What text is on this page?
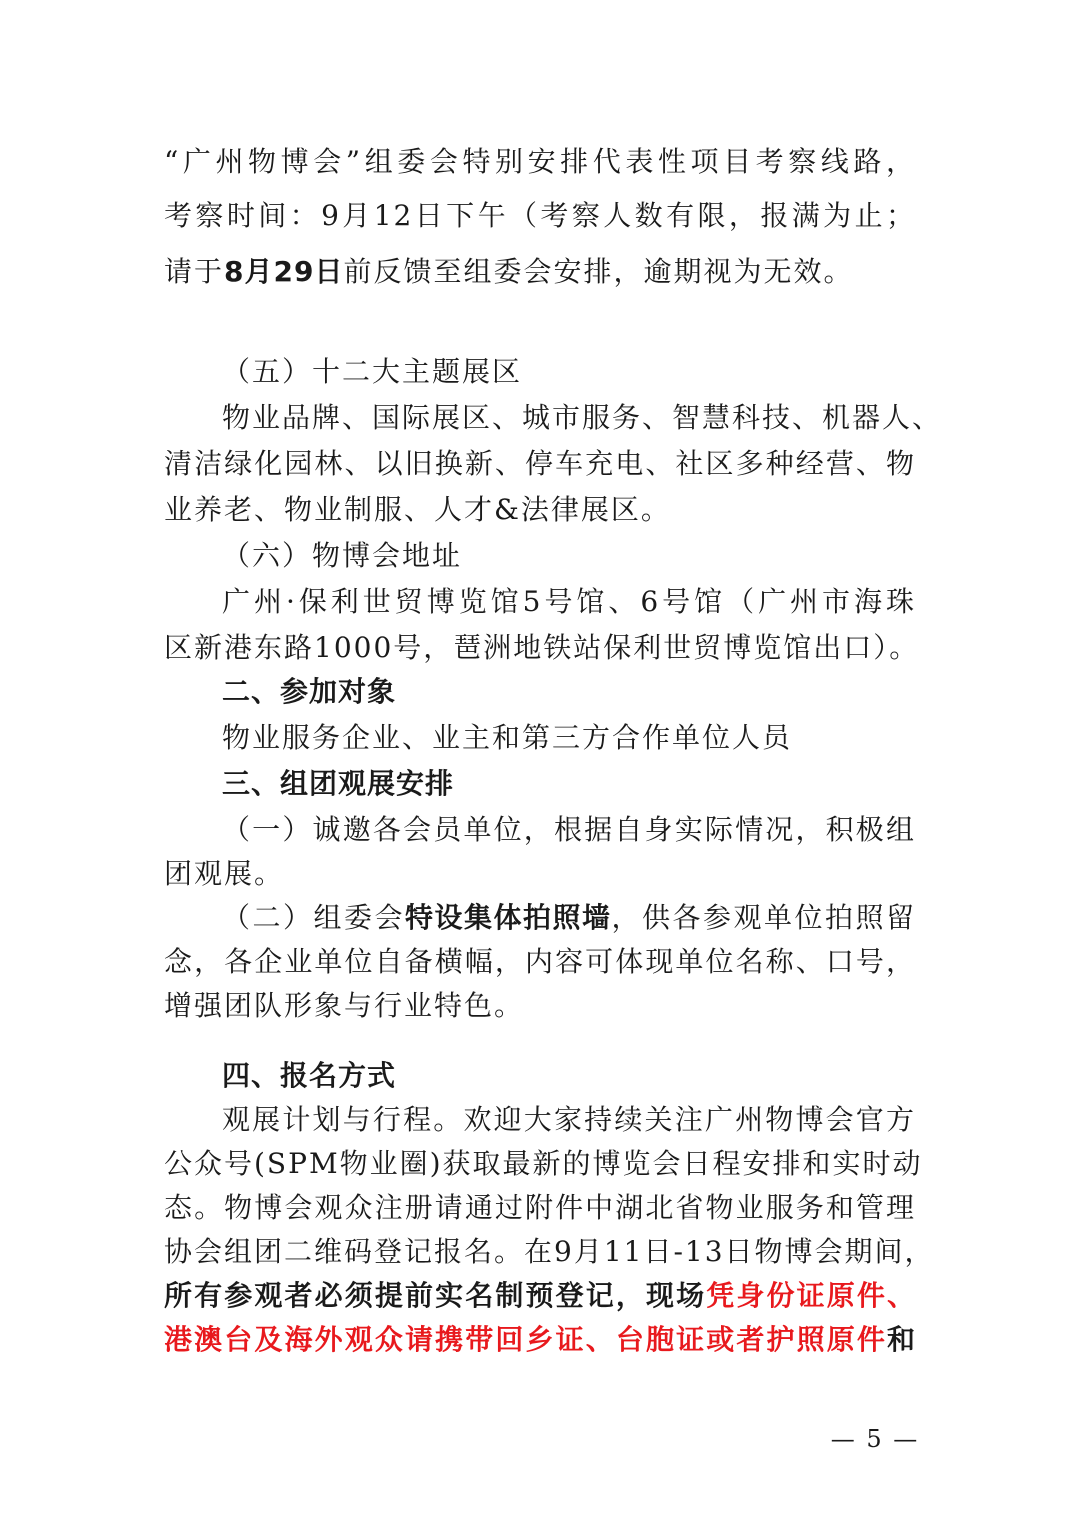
“广州物博会”组委会特别安排代表性项目考察线路，
考察时间：9月12日下午（考察人数有限，报满为止；
请于8月29日前反馈至组委会安排，逾期视为无效。
（五）十二大主题展区
物业品牌、国际展区、城市服务、智慧科技、机器人、
清洁绿化园林、以旧换新、停车充电、社区多种经营、物
业养老、物业制服、人才&法律展区。
（六）物博会地址
广州·保利世贸博览馆5号馆、6号馆（广州市海珠
区新港东路1000号，琶洲地铁站保利世贸博览馆出口）。
二、参加对象
物业服务企业、业主和第三方合作单位人员
三、组团观展安排
（一）诚邀各会员单位，根据自身实际情况，积极组
团观展。
（二）组委会特设集体拍照墙，供各参观单位拍照留
念，各企业单位自备横幅，内容可体现单位名称、口号，
增强团队形象与行业特色。
四、报名方式
观展计划与行程。欢迎大家持续关注广州物博会官方
公众号(SPM物业圈)获取最新的博览会日程安排和实时动
态。物博会观众注册请通过附件中湖北省物业服务和管理
协会组团二维码登记报名。在9月11日-13日物博会期间，
所有参观者必须提前实名制预登记，现场凭身份证原件、
港澳台及海外观众请携带回乡证、台胞证或者护照原件和
— 5 —
